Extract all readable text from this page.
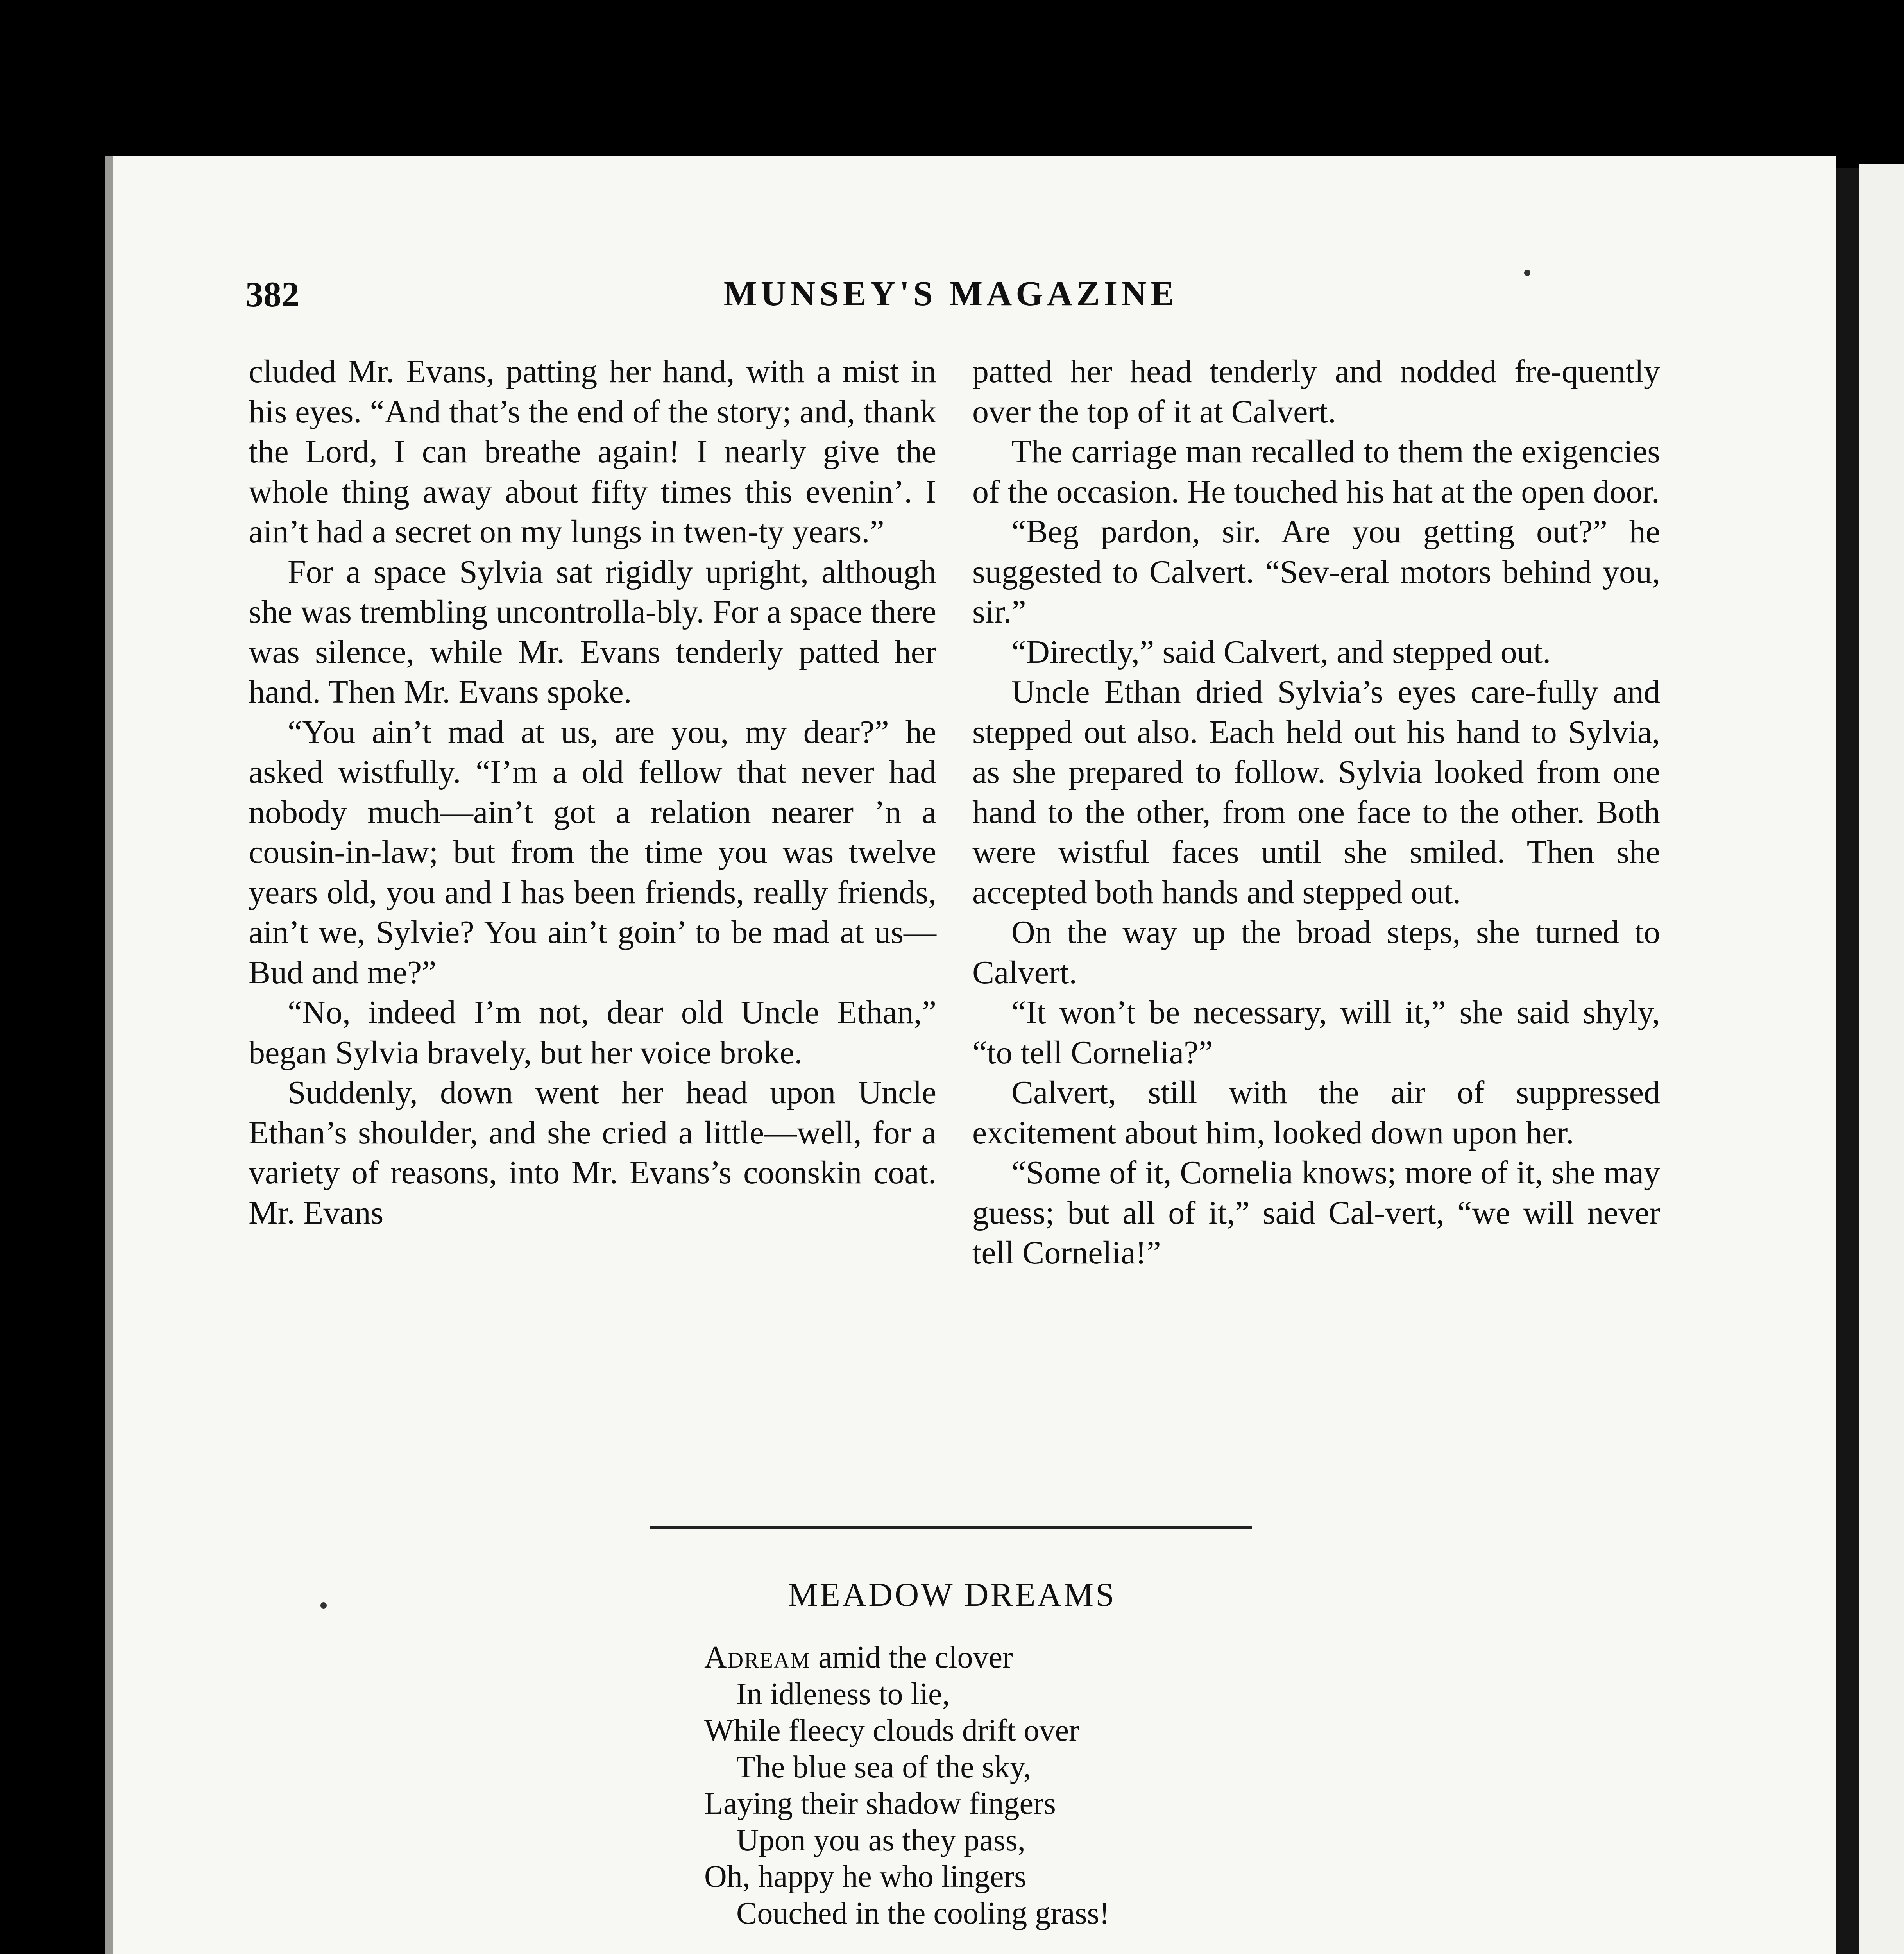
382	MUNSEY'S MAGAZINE

cluded Mr. Evans, patting her hand, with a mist in his eyes. “And that’s the end of the story; and, thank the Lord, I can breathe again! I nearly give the whole thing away about fifty times this evenin’. I ain’t had a secret on my lungs in twen-ty years.”

For a space Sylvia sat rigidly upright, although she was trembling uncontrolla-bly. For a space there was silence, while Mr. Evans tenderly patted her hand. Then Mr. Evans spoke.

“You ain’t mad at us, are you, my dear?” he asked wistfully. “I’m a old fellow that never had nobody much—ain’t got a relation nearer ’n a cousin-in-law; but from the time you was twelve years old, you and I has been friends, really friends, ain’t we, Sylvie? You ain’t goin’ to be mad at us—Bud and me?”

“No, indeed I’m not, dear old Uncle Ethan,” began Sylvia bravely, but her voice broke.

Suddenly, down went her head upon Uncle Ethan’s shoulder, and she cried a little—well, for a variety of reasons, into Mr. Evans’s coonskin coat. Mr. Evans

patted her head tenderly and nodded fre-quently over the top of it at Calvert.

The carriage man recalled to them the exigencies of the occasion. He touched his hat at the open door.

“Beg pardon, sir. Are you getting out?” he suggested to Calvert. “Sev-eral motors behind you, sir.”

“Directly,” said Calvert, and stepped out.

Uncle Ethan dried Sylvia’s eyes care-fully and stepped out also. Each held out his hand to Sylvia, as she prepared to follow. Sylvia looked from one hand to the other, from one face to the other. Both were wistful faces until she smiled. Then she accepted both hands and stepped out.

On the way up the broad steps, she turned to Calvert.

“It won’t be necessary, will it,” she said shyly, “to tell Cornelia?”

Calvert, still with the air of suppressed excitement about him, looked down upon her.

“Some of it, Cornelia knows; more of it, she may guess; but all of it,” said Cal-vert, “we will never tell Cornelia!”

MEADOW DREAMS
Adream amid the clover
In idleness to lie,
While fleecy clouds drift over
The blue sea of the sky,
Laying their shadow fingers
Upon you as they pass,
Oh, happy he who lingers
Couched in the cooling grass!
